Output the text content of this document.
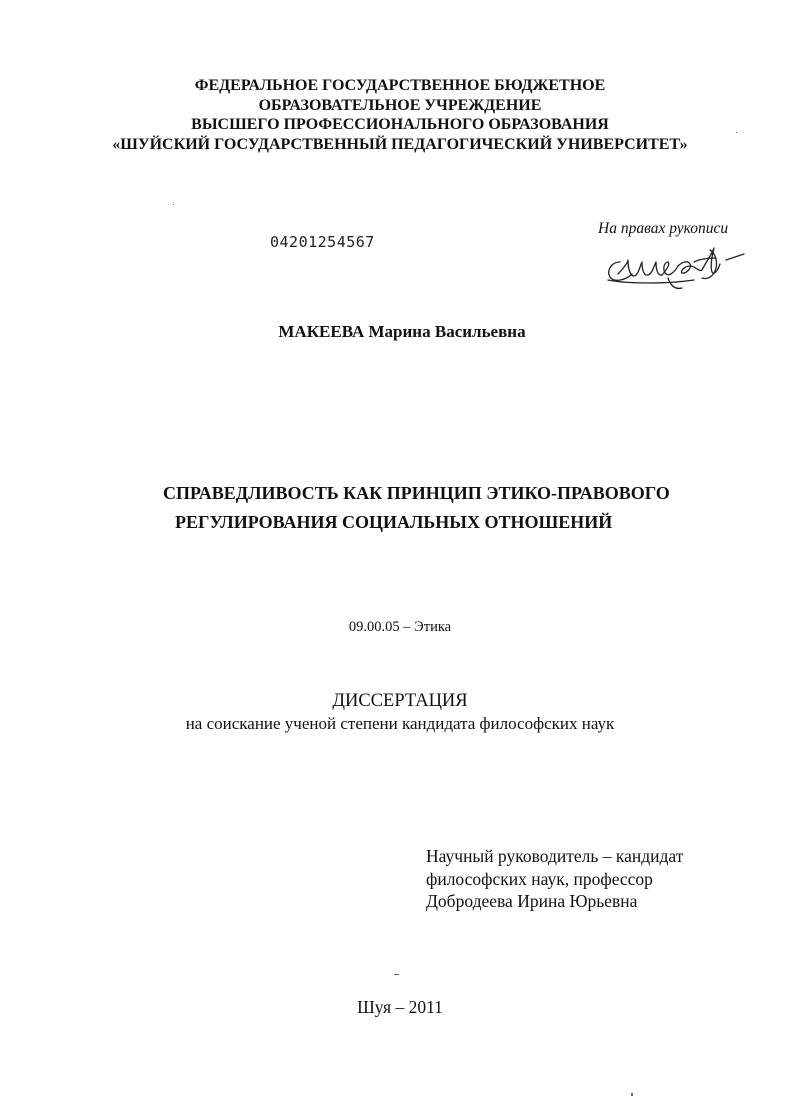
ФЕДЕРАЛЬНОЕ ГОСУДАРСТВЕННОЕ БЮДЖЕТНОЕ
ОБРАЗОВАТЕЛЬНОЕ УЧРЕЖДЕНИЕ
ВЫСШЕГО ПРОФЕССИОНАЛЬНОГО ОБРАЗОВАНИЯ
«ШУЙСКИЙ ГОСУДАРСТВЕННЫЙ ПЕДАГОГИЧЕСКИЙ УНИВЕРСИТЕТ»
04201254567
На правах рукописи
МАКЕЕВА Марина Васильевна
СПРАВЕДЛИВОСТЬ КАК ПРИНЦИП ЭТИКО-ПРАВОВОГО
РЕГУЛИРОВАНИЯ СОЦИАЛЬНЫХ ОТНОШЕНИЙ
09.00.05 – Этика
ДИССЕРТАЦИЯ
на соискание ученой степени кандидата философских наук
Научный руководитель – кандидат
философских наук, профессор
Добродеева Ирина Юрьевна
Шуя – 2011
